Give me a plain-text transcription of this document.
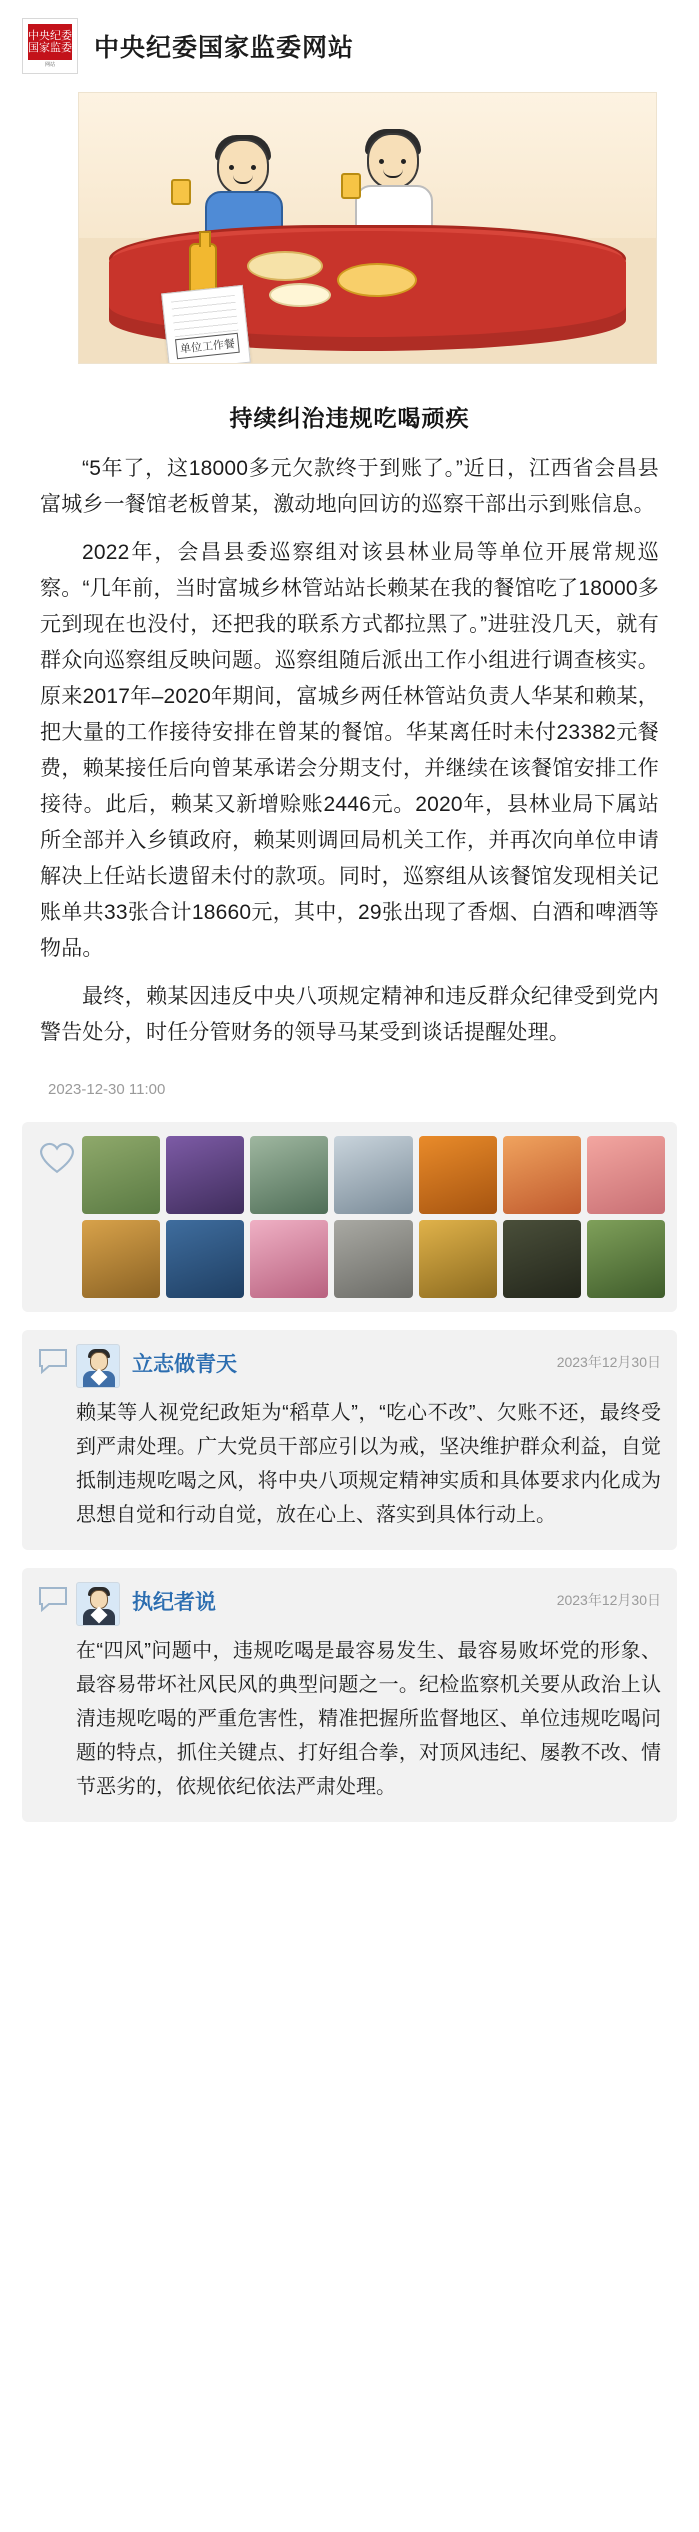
中央纪委
国家监委
网站
中央纪委国家监委网站
单位工作餐
持续纠治违规吃喝顽疾

“5年了，这18000多元欠款终于到账了。”近日，江西省会昌县富城乡一餐馆老板曾某，激动地向回访的巡察干部出示到账信息。

2022年，会昌县委巡察组对该县林业局等单位开展常规巡察。“几年前，当时富城乡林管站站长赖某在我的餐馆吃了18000多元到现在也没付，还把我的联系方式都拉黑了。”进驻没几天，就有群众向巡察组反映问题。巡察组随后派出工作小组进行调查核实。原来2017年–2020年期间，富城乡两任林管站负责人华某和赖某，把大量的工作接待安排在曾某的餐馆。华某离任时未付23382元餐费，赖某接任后向曾某承诺会分期支付，并继续在该餐馆安排工作接待。此后，赖某又新增赊账2446元。2020年，县林业局下属站所全部并入乡镇政府，赖某则调回局机关工作，并再次向单位申请解决上任站长遗留未付的款项。同时，巡察组从该餐馆发现相关记账单共33张合计18660元，其中，29张出现了香烟、白酒和啤酒等物品。

最终，赖某因违反中央八项规定精神和违反群众纪律受到党内警告处分，时任分管财务的领导马某受到谈话提醒处理。

2023-12-30 11:00
立志做青天	2023年12月30日

赖某等人视党纪政矩为“稻草人”，“吃心不改”、欠账不还，最终受到严肃处理。广大党员干部应引以为戒，坚决维护群众利益，自觉抵制违规吃喝之风，将中央八项规定精神实质和具体要求内化成为思想自觉和行动自觉，放在心上、落实到具体行动上。

执纪者说	2023年12月30日

在“四风”问题中，违规吃喝是最容易发生、最容易败坏党的形象、最容易带坏社风民风的典型问题之一。纪检监察机关要从政治上认清违规吃喝的严重危害性，精准把握所监督地区、单位违规吃喝问题的特点，抓住关键点、打好组合拳，对顶风违纪、屡教不改、情节恶劣的，依规依纪依法严肃处理。
